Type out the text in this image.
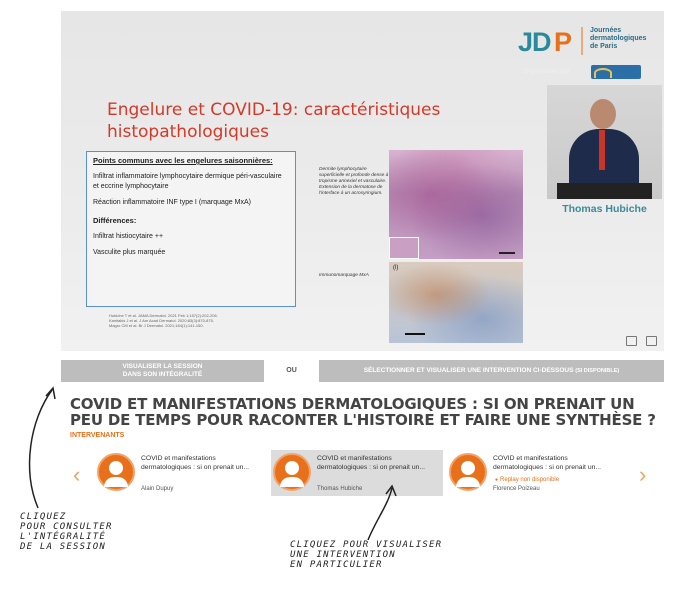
Engelure et COVID-19: caractéristiques histopathologiques
Points communs avec les engelures saisonnières:
Infiltrat inflammatoire lymphocytaire dermique péri-vasculaire et eccrine lymphocytaire
Réaction inflammatoire INF type I (marquage MxA)
Différences:
Infiltrat histiocytaire ++
Vasculite plus marquée
Hubiche T et al. JAMA Dermatol. 2021 Feb 1;157(2):202-206.
Kanitakis J et al. J Am Acad Dermatol. 2020;83(3):870-875.
Magro CM et al. Br J Dermatol. 2021;184(1):141-150.
Dermite lymphocytaire superficielle et profonde dense à tropisme annexiel et vasculaire. Extension de la dermatose de l'interface à un acrosyringium.
Immunomarquage MxA
(l)
J
D P	Journées
dermatologiques
de Paris
Organisées par
Thomas Hubiche
VISUALISER LA SESSION
DANS SON INTÉGRALITÉ
OU	SÉLECTIONNER ET VISUALISER UNE INTERVENTION CI-DESSOUS (SI DISPONIBLE)
COVID ET MANIFESTATIONS DERMATOLOGIQUES : SI ON PRENAIT UN PEU DE TEMPS POUR RACONTER L'HISTOIRE ET FAIRE UNE SYNTHÈSE ?
INTERVENANTS
‹
COVID et manifestations dermatologiques : si on prenait un...
Alain Dupuy
COVID et manifestations dermatologiques : si on prenait un...
Thomas Hubiche
COVID et manifestations dermatologiques : si on prenait un...
● Replay non disponible
Florence Poizeau
›
CLIQUEZ
POUR CONSULTER
L'INTÉGRALITÉ
DE LA SESSION	CLIQUEZ POUR VISUALISER
UNE INTERVENTION
EN PARTICULIER
